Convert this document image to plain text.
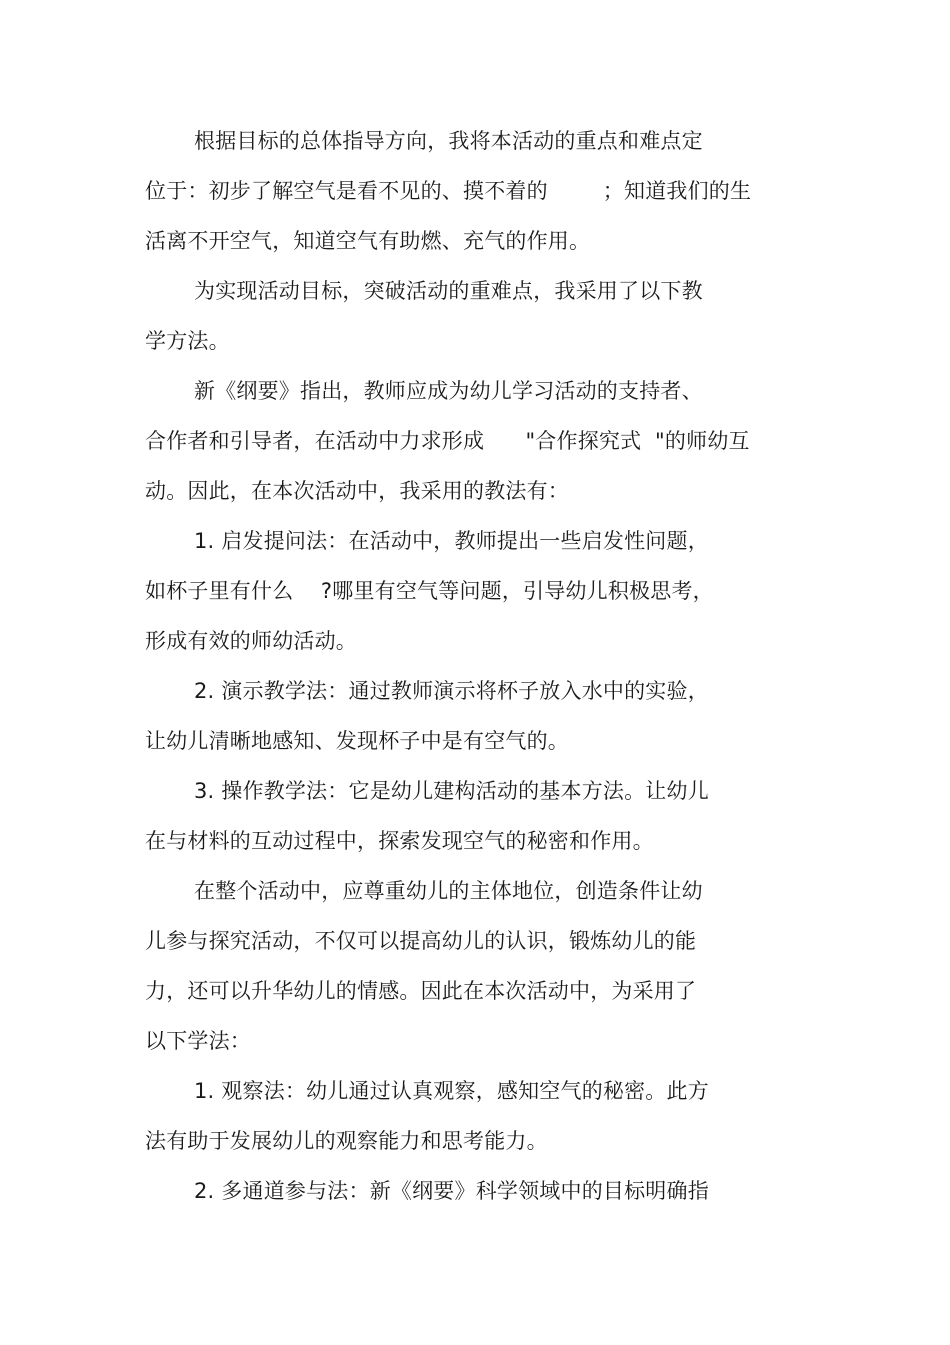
根据目标的总体指导方向，我将本活动的重点和难点定
位于：初步了解空气是看不见的、摸不着的        ；知道我们的生
活离不开空气，知道空气有助燃、充气的作用。
为实现活动目标，突破活动的重难点，我采用了以下教
学方法。
新《纲要》指出，教师应成为幼儿学习活动的支持者、
合作者和引导者，在活动中力求形成      "合作探究式  "的师幼互
动。因此，在本次活动中，我采用的教法有：
1. 启发提问法：在活动中，教师提出一些启发性问题，
如杯子里有什么    ?哪里有空气等问题，引导幼儿积极思考，
形成有效的师幼活动。
2. 演示教学法：通过教师演示将杯子放入水中的实验，
让幼儿清晰地感知、发现杯子中是有空气的。
3. 操作教学法：它是幼儿建构活动的基本方法。让幼儿
在与材料的互动过程中，探索发现空气的秘密和作用。
在整个活动中，应尊重幼儿的主体地位，创造条件让幼
儿参与探究活动，不仅可以提高幼儿的认识，锻炼幼儿的能
力，还可以升华幼儿的情感。因此在本次活动中，为采用了
以下学法：
1. 观察法：幼儿通过认真观察，感知空气的秘密。此方
法有助于发展幼儿的观察能力和思考能力。
2. 多通道参与法：新《纲要》科学领域中的目标明确指
